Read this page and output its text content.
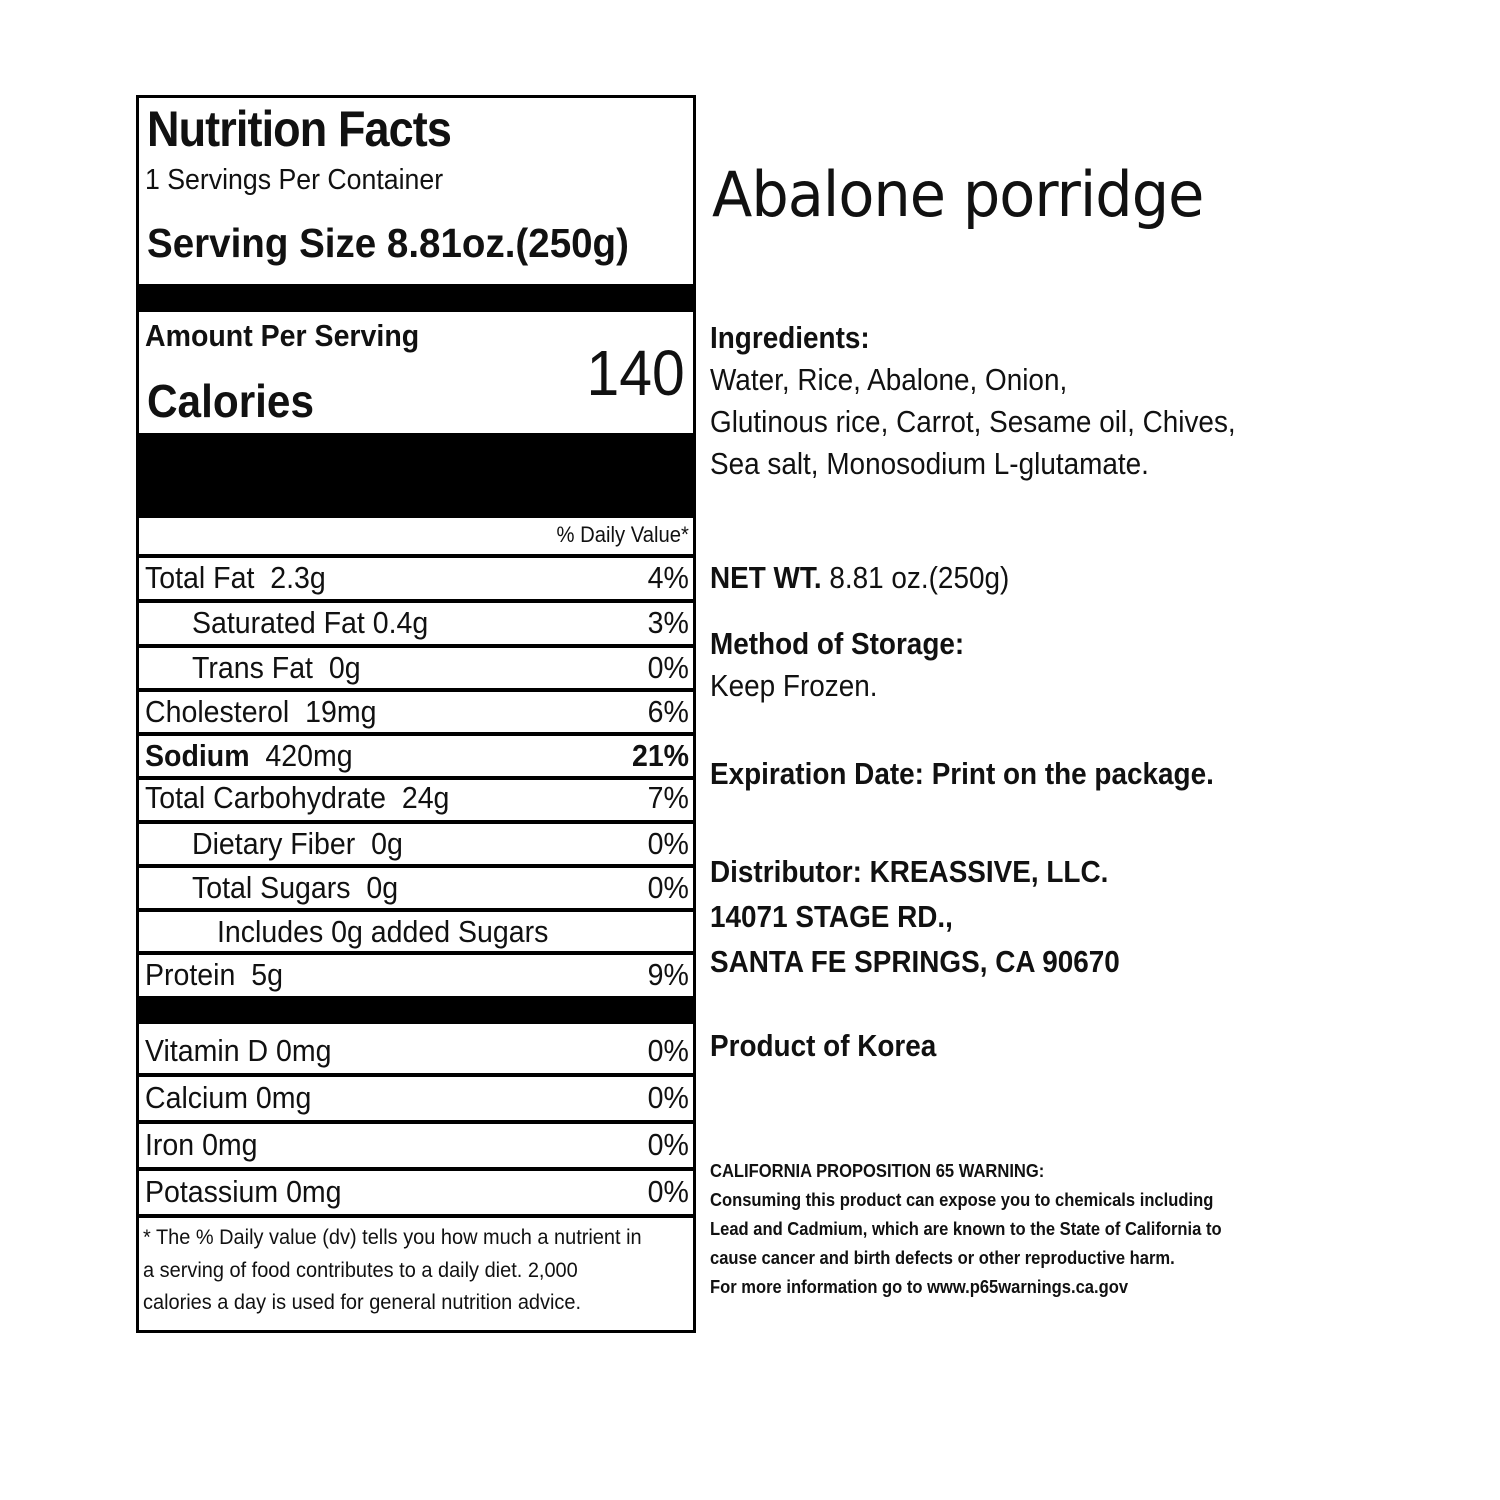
Nutrition Facts
1 Servings Per Container
Serving Size 8.81oz.(250g)
Amount Per Serving
Calories	140
% Daily Value*
Total Fat 2.3g	4%
Saturated Fat 0.4g	3%
Trans Fat 0g	0%
Cholesterol 19mg	6%
Sodium 420mg	21%
Total Carbohydrate 24g	7%
Dietary Fiber 0g	0%
Total Sugars 0g	0%
Includes 0g added Sugars
Protein 5g	9%
Vitamin D 0mg	0%
Calcium 0mg	0%
Iron 0mg	0%
Potassium 0mg	0%
* The % Daily value (dv) tells you how much a nutrient in
a serving of food contributes to a daily diet. 2,000
calories a day is used for general nutrition advice.
Abalone porridge
Ingredients:
Water, Rice, Abalone, Onion,
Glutinous rice, Carrot, Sesame oil, Chives,
Sea salt, Monosodium L-glutamate.
NET WT. 8.81 oz.(250g)
Method of Storage:
Keep Frozen.
Expiration Date: Print on the package.
Distributor: KREASSIVE, LLC.
14071 STAGE RD.,
SANTA FE SPRINGS, CA 90670
Product of Korea
CALIFORNIA PROPOSITION 65 WARNING:
Consuming this product can expose you to chemicals including
Lead and Cadmium, which are known to the State of California to
cause cancer and birth defects or other reproductive harm.
For more information go to www.p65warnings.ca.gov
